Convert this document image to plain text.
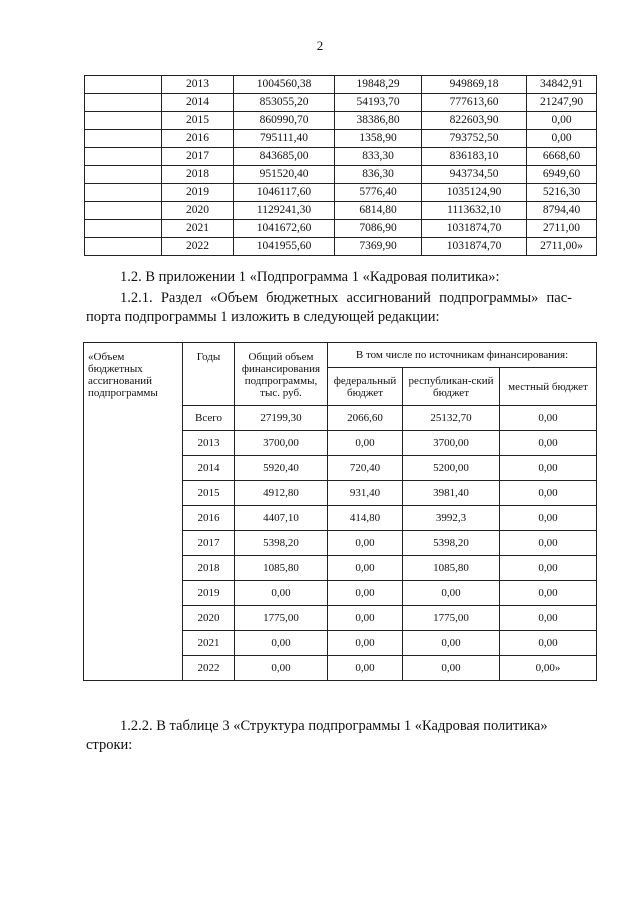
2
	2013	1004560,38	19848,29	949869,18	34842,91
	2014	853055,20	54193,70	777613,60	21247,90
	2015	860990,70	38386,80	822603,90	0,00
	2016	795111,40	1358,90	793752,50	0,00
	2017	843685,00	833,30	836183,10	6668,60
	2018	951520,40	836,30	943734,50	6949,60
	2019	1046117,60	5776,40	1035124,90	5216,30
	2020	1129241,30	6814,80	1113632,10	8794,40
	2021	1041672,60	7086,90	1031874,70	2711,00
	2022	1041955,60	7369,90	1031874,70	2711,00»
1.2. В приложении 1 «Подпрограмма 1 «Кадровая политика»:
1.2.1. Раздел «Объем бюджетных ассигнований подпрограммы» пас-
порта подпрограммы 1 изложить в следующей редакции:
«Объем бюджетных ассигнований подпрограммы	Годы	Общий объем финансирования подпрограммы, тыс. руб.	В том числе по источникам финансирования:		
			федеральный бюджет	республикан-ский бюджет	местный бюджет
	Всего	27199,30	2066,60	25132,70	0,00
	2013	3700,00	0,00	3700,00	0,00
	2014	5920,40	720,40	5200,00	0,00
	2015	4912,80	931,40	3981,40	0,00
	2016	4407,10	414,80	3992,3	0,00
	2017	5398,20	0,00	5398,20	0,00
	2018	1085,80	0,00	1085,80	0,00
	2019	0,00	0,00	0,00	0,00
	2020	1775,00	0,00	1775,00	0,00
	2021	0,00	0,00	0,00	0,00
	2022	0,00	0,00	0,00	0,00»
1.2.2. В таблице 3 «Структура подпрограммы 1 «Кадровая политика»
строки:
